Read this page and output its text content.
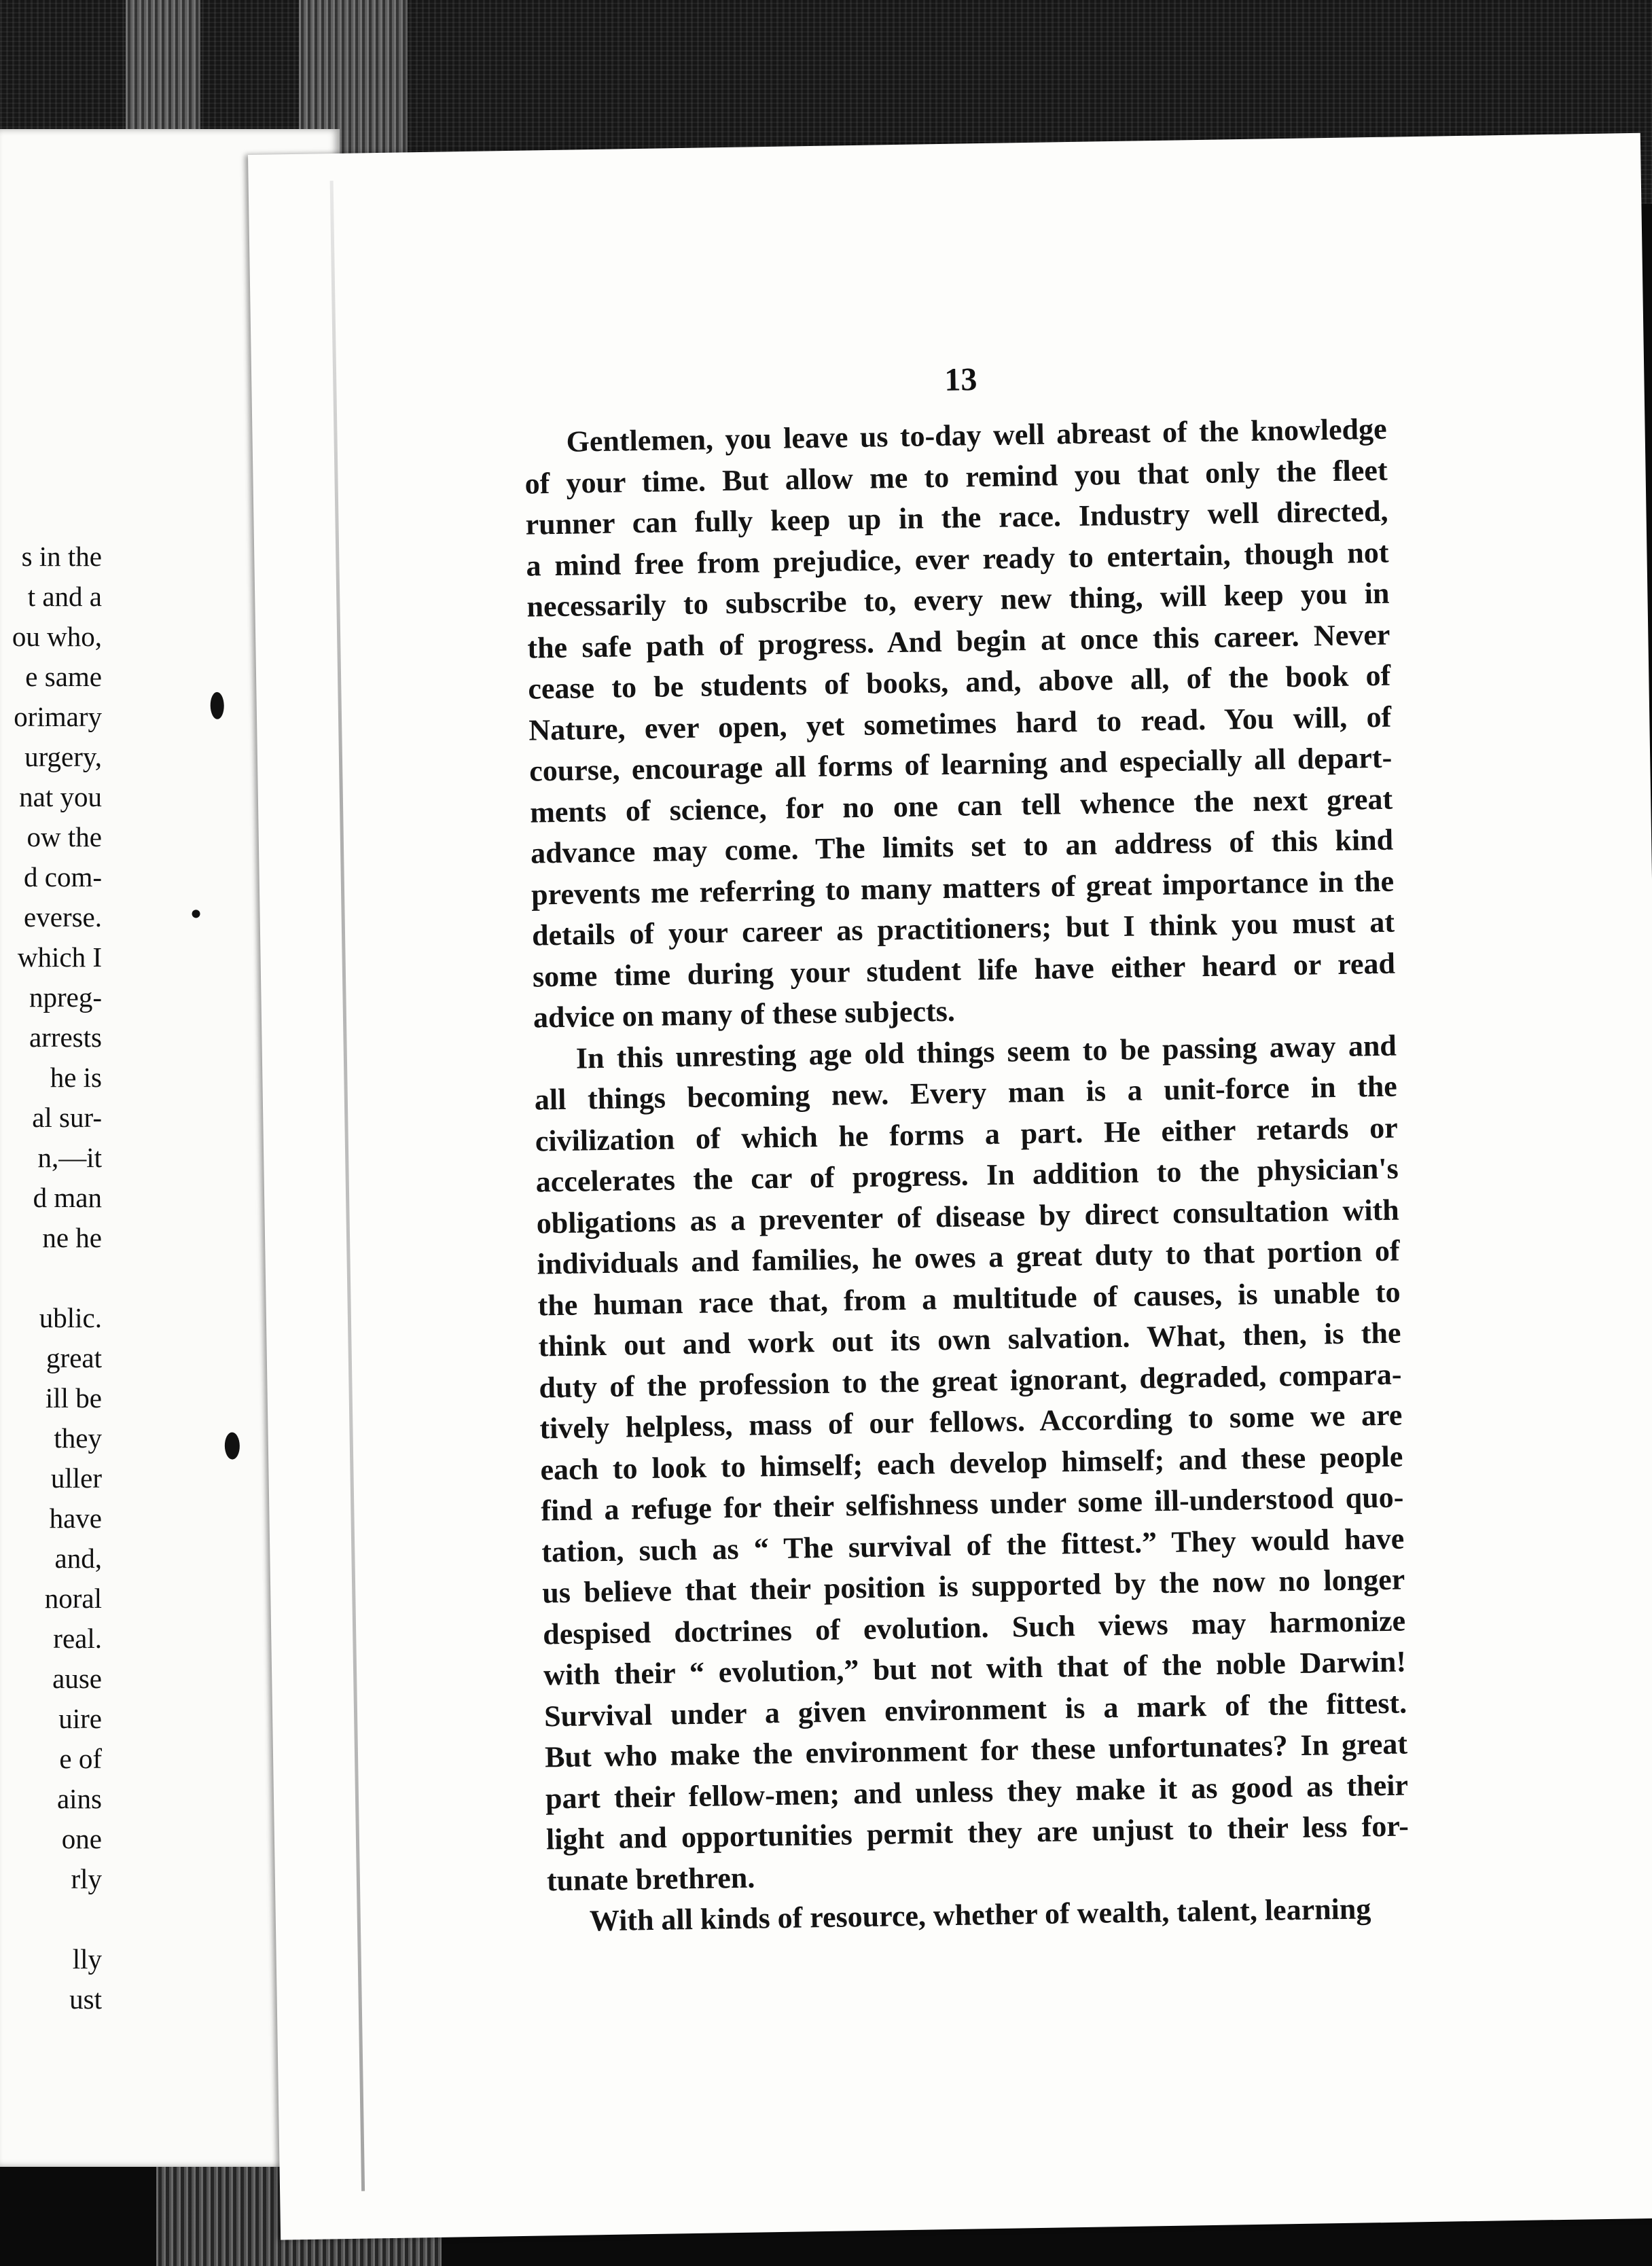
s in the
t and a
ou who,
e same
orimary
urgery,
nat you
ow the
d com-
everse.
which I
npreg-
arrests
he is
al sur-
n,—it
d man
ne he
ublic.
great
ill be
they
uller
have
and,
noral
real.
ause
uire
e of
ains
one
rly
lly
ust
13
Gentlemen, you leave us to-day well abreast of the knowledge
of your time. But allow me to remind you that only the fleet
runner can fully keep up in the race. Industry well directed,
a mind free from prejudice, ever ready to entertain, though not
necessarily to subscribe to, every new thing, will keep you in
the safe path of progress. And begin at once this career. Never
cease to be students of books, and, above all, of the book of
Nature, ever open, yet sometimes hard to read. You will, of
course, encourage all forms of learning and especially all depart-
ments of science, for no one can tell whence the next great
advance may come. The limits set to an address of this kind
prevents me referring to many matters of great importance in the
details of your career as practitioners; but I think you must at
some time during your student life have either heard or read
advice on many of these subjects.
In this unresting age old things seem to be passing away and
all things becoming new. Every man is a unit-force in the
civilization of which he forms a part. He either retards or
accelerates the car of progress. In addition to the physician's
obligations as a preventer of disease by direct consultation with
individuals and families, he owes a great duty to that portion of
the human race that, from a multitude of causes, is unable to
think out and work out its own salvation. What, then, is the
duty of the profession to the great ignorant, degraded, compara-
tively helpless, mass of our fellows. According to some we are
each to look to himself; each develop himself; and these people
find a refuge for their selfishness under some ill-understood quo-
tation, such as “ The survival of the fittest.” They would have
us believe that their position is supported by the now no longer
despised doctrines of evolution. Such views may harmonize
with their “ evolution,” but not with that of the noble Darwin!
Survival under a given environment is a mark of the fittest.
But who make the environment for these unfortunates? In great
part their fellow-men; and unless they make it as good as their
light and opportunities permit they are unjust to their less for-
tunate brethren.
With all kinds of resource, whether of wealth, talent, learning
